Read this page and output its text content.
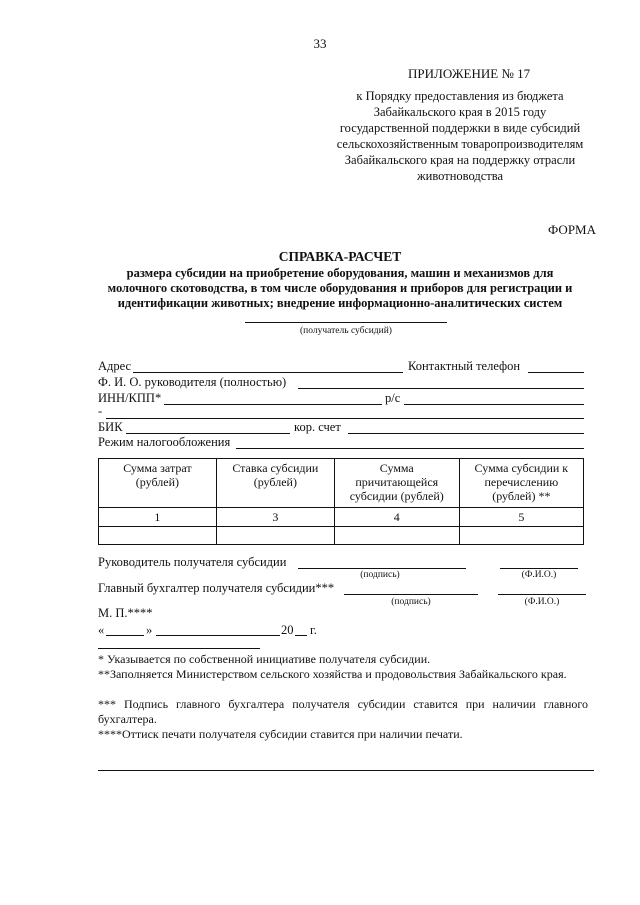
33
ПРИЛОЖЕНИЕ № 17
к Порядку предоставления из бюджета
Забайкальского края в 2015 году
государственной поддержки в виде субсидий
сельскохозяйственным товаропроизводителям
Забайкальского края на поддержку отрасли
животноводства
ФОРМА
СПРАВКА-РАСЧЕТ
размера субсидии на приобретение оборудования, машин и механизмов для
молочного скотоводства, в том числе оборудования и приборов для регистрации и
идентификации животных; внедрение информационно-аналитических систем
(получатель субсидий)
Адрес	Контактный телефон
Ф. И. О. руководителя (полностью)
ИНН/КПП*	р/с
-
БИК	кор. счет
Режим налогообложения
Сумма затрат (рублей)	Ставка субсидии (рублей)	Сумма причитающейся субсидии (рублей)	Сумма субсидии к перечислению (рублей) **
1	3	4	5

Руководитель получателя субсидии
(подпись)	(Ф.И.О.)
Главный бухгалтер получателя субсидии***
(подпись)	(Ф.И.О.)
М. П.****
«	»	20 г.
* Указывается по собственной инициативе получателя субсидии.
**Заполняется Министерством сельского хозяйства и продовольствия Забайкальского края.
*** Подпись главного бухгалтера получателя субсидии ставится при наличии главного бухгалтера.
****Оттиск печати получателя субсидии ставится при наличии печати.
